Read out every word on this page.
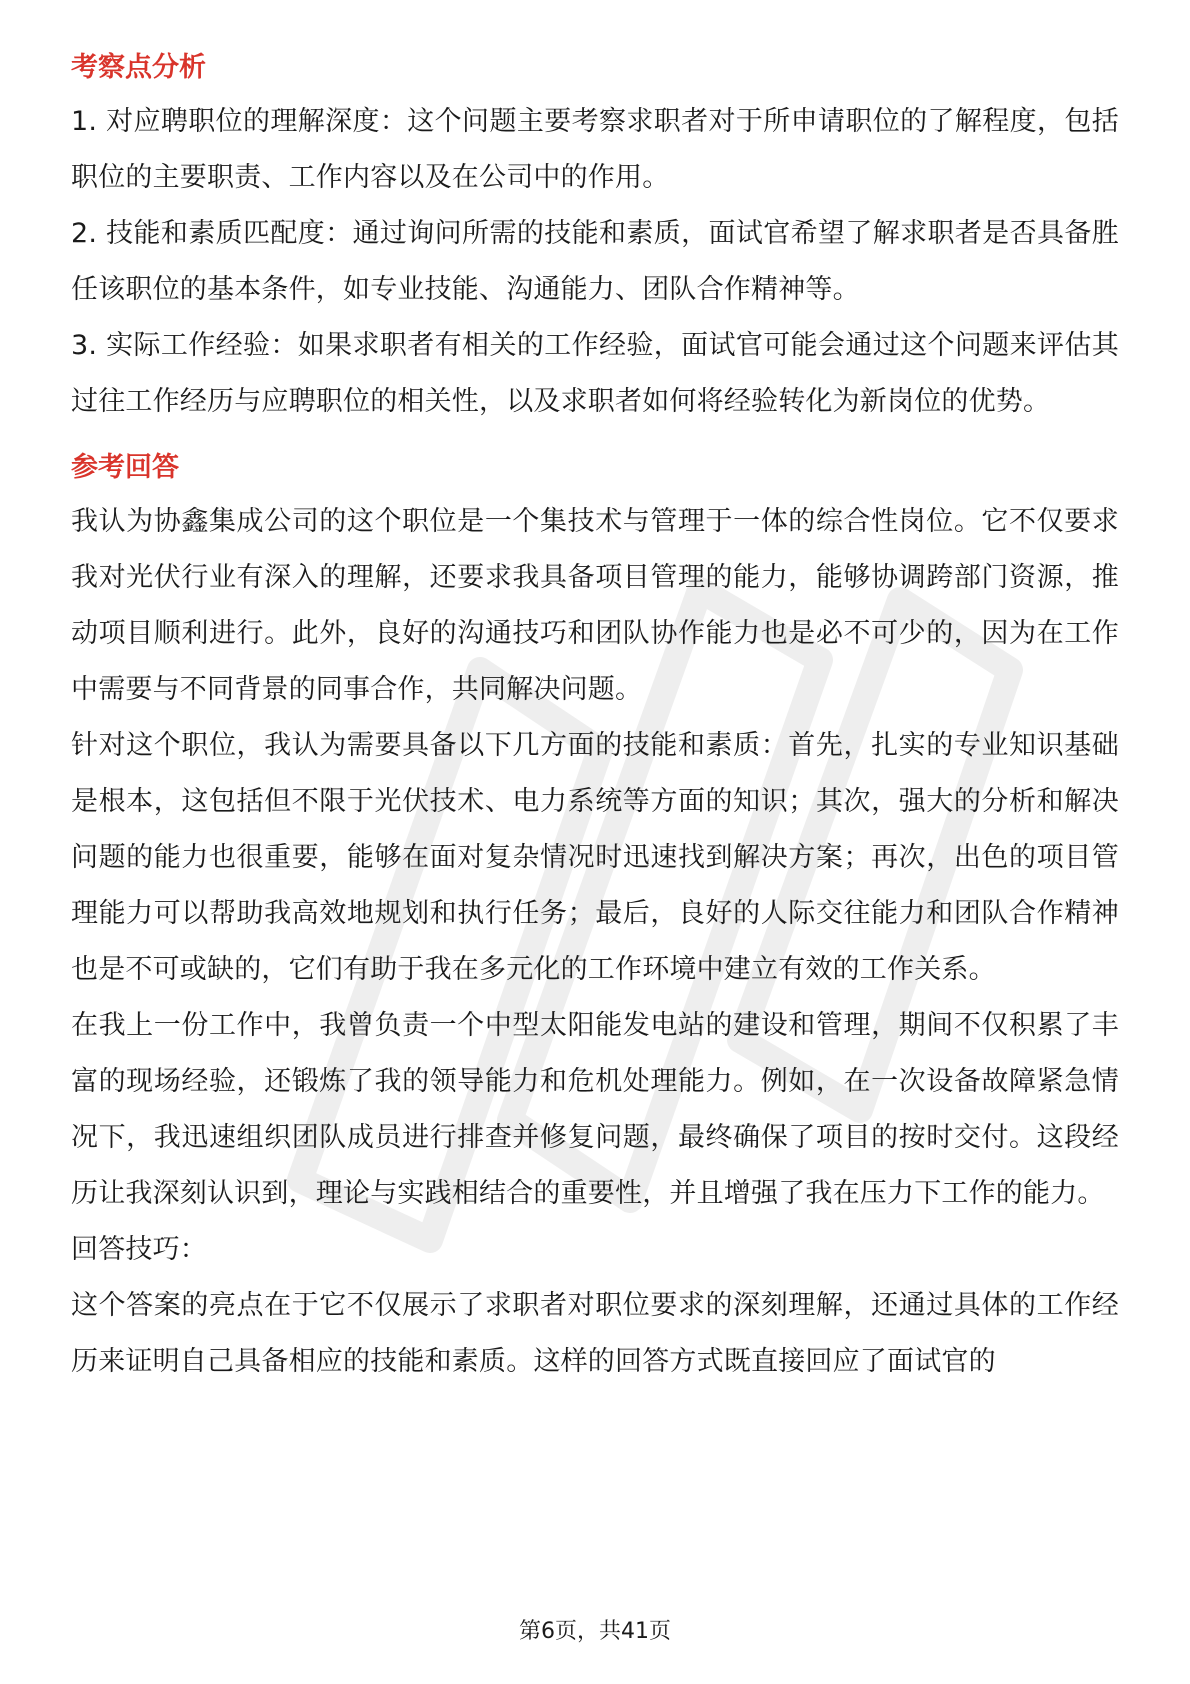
考察点分析

1. 对应聘职位的理解深度：这个问题主要考察求职者对于所申请职位的了解程度，包括职位的主要职责、工作内容以及在公司中的作用。

2. 技能和素质匹配度：通过询问所需的技能和素质，面试官希望了解求职者是否具备胜任该职位的基本条件，如专业技能、沟通能力、团队合作精神等。

3. 实际工作经验：如果求职者有相关的工作经验，面试官可能会通过这个问题来评估其过往工作经历与应聘职位的相关性，以及求职者如何将经验转化为新岗位的优势。

参考回答

我认为协鑫集成公司的这个职位是一个集技术与管理于一体的综合性岗位。它不仅要求我对光伏行业有深入的理解，还要求我具备项目管理的能力，能够协调跨部门资源，推动项目顺利进行。此外，良好的沟通技巧和团队协作能力也是必不可少的，因为在工作中需要与不同背景的同事合作，共同解决问题。

针对这个职位，我认为需要具备以下几方面的技能和素质：首先，扎实的专业知识基础是根本，这包括但不限于光伏技术、电力系统等方面的知识；其次，强大的分析和解决问题的能力也很重要，能够在面对复杂情况时迅速找到解决方案；再次，出色的项目管理能力可以帮助我高效地规划和执行任务；最后，良好的人际交往能力和团队合作精神也是不可或缺的，它们有助于我在多元化的工作环境中建立有效的工作关系。

在我上一份工作中，我曾负责一个中型太阳能发电站的建设和管理，期间不仅积累了丰富的现场经验，还锻炼了我的领导能力和危机处理能力。例如，在一次设备故障紧急情况下，我迅速组织团队成员进行排查并修复问题，最终确保了项目的按时交付。这段经历让我深刻认识到，理论与实践相结合的重要性，并且增强了我在压力下工作的能力。

回答技巧：

这个答案的亮点在于它不仅展示了求职者对职位要求的深刻理解，还通过具体的工作经历来证明自己具备相应的技能和素质。这样的回答方式既直接回应了面试官的

第6页，共41页
